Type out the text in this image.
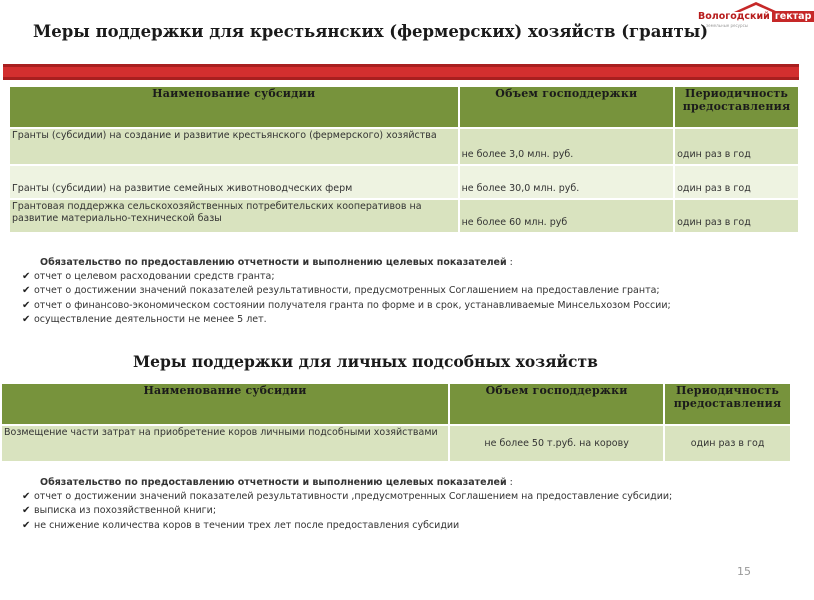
Меры поддержки для крестьянских (фермерских) хозяйств (гранты)
Вологодский гектар
земельные ресурсы
Наименование субсидии	Объем господдержки	Периодичность предоставления
Гранты (субсидии) на создание и развитие крестьянского (фермерского) хозяйства	не более 3,0 млн. руб.	один раз в год
Гранты (субсидии) на развитие семейных животноводческих ферм	не более 30,0 млн. руб.	один раз в год
Грантовая поддержка сельскохозяйственных потребительских кооперативов на развитие материально-технической базы	не более 60 млн. руб	один раз в год
Обязательство по предоставлению отчетности и выполнению целевых показателей :
✔ отчет о целевом расходовании средств гранта;
✔ отчет о достижении значений показателей результативности, предусмотренных Соглашением на предоставление гранта;
✔ отчет о финансово-экономическом состоянии получателя гранта по форме и в срок, устанавливаемые Минсельхозом России;
✔ осуществление деятельности не менее 5 лет.
Меры поддержки для личных подсобных хозяйств
Наименование субсидии	Объем господдержки	Периодичность предоставления
Возмещение части затрат на приобретение коров личными подсобными хозяйствами	не более 50 т.руб. на корову	один раз в год
Обязательство по предоставлению отчетности и выполнению целевых показателей :
✔ отчет о достижении значений показателей результативности ,предусмотренных Соглашением на предоставление субсидии;
✔ выписка из похозяйственной книги;
✔ не снижение количества коров в течении трех лет после предоставления субсидии
15
